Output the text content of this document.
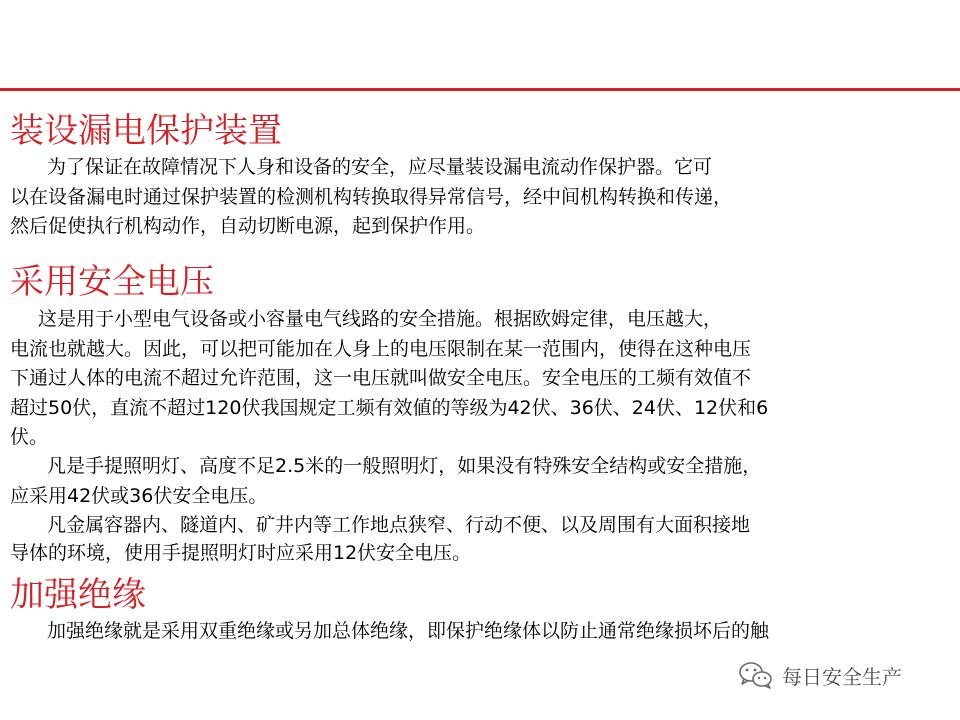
装设漏电保护装置

为了保证在故障情况下人身和设备的安全，应尽量装设漏电流动作保护器。它可

以在设备漏电时通过保护装置的检测机构转换取得异常信号，经中间机构转换和传递，

然后促使执行机构动作，自动切断电源，起到保护作用。

采用安全电压

这是用于小型电气设备或小容量电气线路的安全措施。根据欧姆定律，电压越大，

电流也就越大。因此，可以把可能加在人身上的电压限制在某一范围内，使得在这种电压

下通过人体的电流不超过允许范围，这一电压就叫做安全电压。安全电压的工频有效值不

超过50伏，直流不超过120伏我国规定工频有效値的等级为42伏、36伏、24伏、12伏和6

伏。

凡是手提照明灯、高度不足2.5米的一般照明灯，如果没有特殊安全结构或安全措施，

应采用42伏或36伏安全电压。

凡金属容器内、隧道内、矿井内等工作地点狭窄、行动不便、以及周围有大面积接地

导体的环境，使用手提照明灯时应采用12伏安全电压。

加强绝缘

加强绝缘就是采用双重绝缘或另加总体绝缘，即保护绝缘体以防止通常绝缘损坏后的触

每日安全生产
